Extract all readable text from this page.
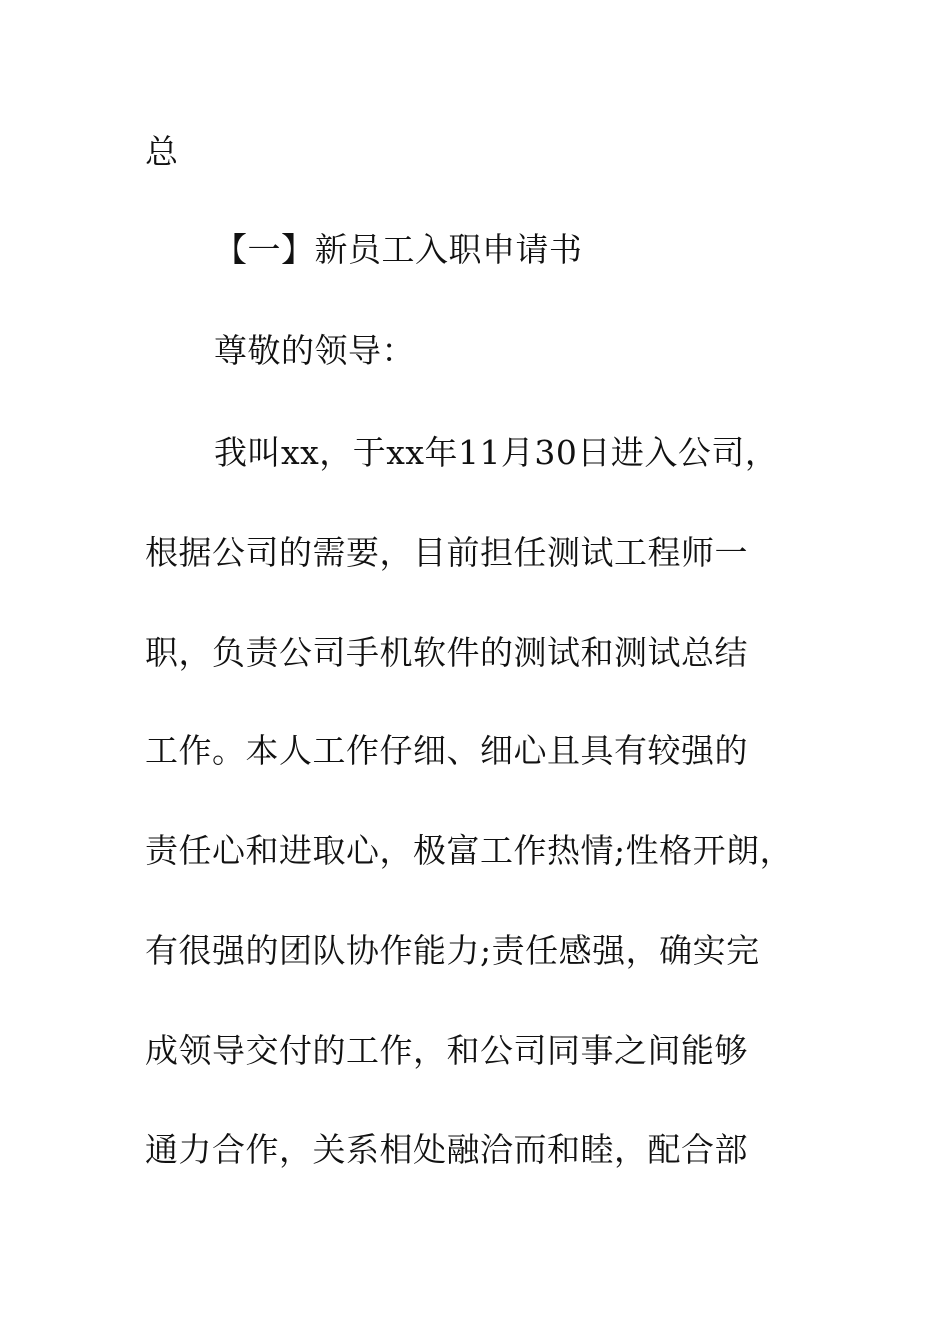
总

【一】新员工入职申请书

尊敬的领导：

我叫xx，于xx年11月30日进入公司，

根据公司的需要，目前担任测试工程师一

职，负责公司手机软件的测试和测试总结

工作。本人工作仔细、细心且具有较强的

责任心和进取心，极富工作热情;性格开朗，

有很强的团队协作能力;责任感强，确实完

成领导交付的工作，和公司同事之间能够

通力合作，关系相处融洽而和睦，配合部
